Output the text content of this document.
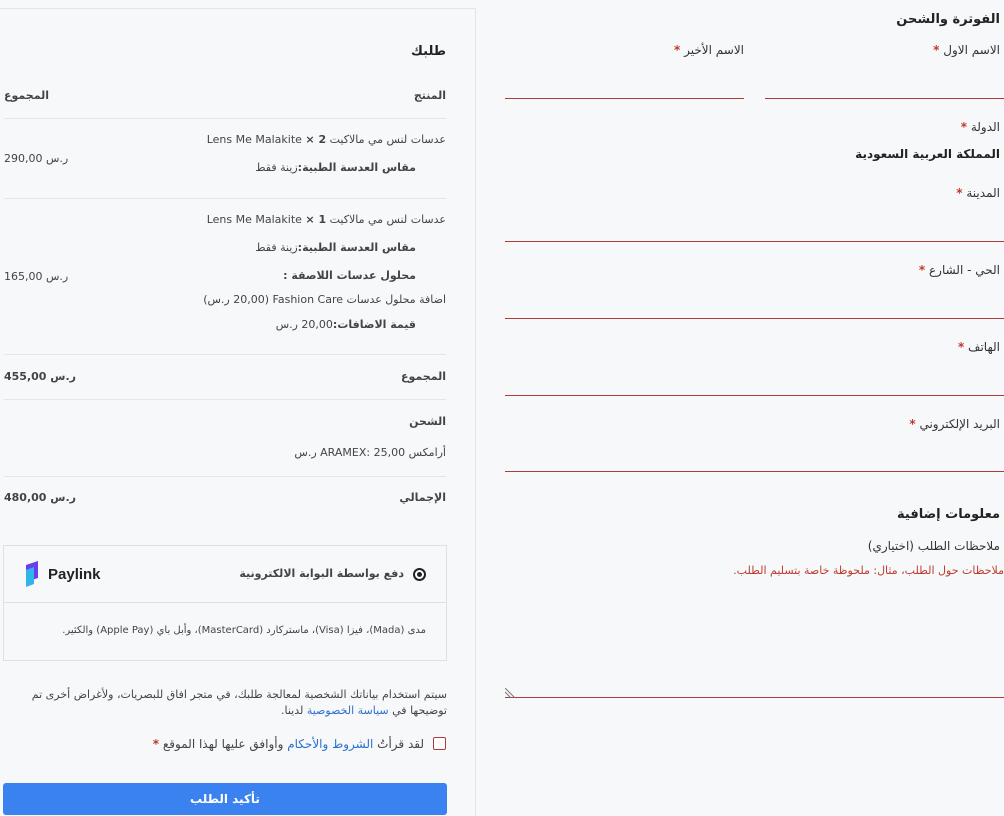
الفوترة والشحن
الاسم الاول *
الاسم الأخير *
الدولة *
المملكة العربية السعودية
المدينة *
الحي - الشارع *
الهاتف *
البريد الإلكتروني *
معلومات إضافية
ملاحظات الطلب (اختياري)
ملاحظات حول الطلب، مثال: ملحوظة خاصة بتسليم الطلب.
طلبك
المنتج
المجموع
عدسات لنس مي مالاكيت 2 × Lens Me Malakite
مقاس العدسة الطبية:زينة فقط
290,00 ر.س
عدسات لنس مي مالاكيت 1 × Lens Me Malakite
مقاس العدسة الطبية:زينة فقط
محلول عدسات اللاصقة :
اضافة محلول عدسات Fashion Care (20,00 ر.س)
قيمة الاضافات:20,00 ر.س
165,00 ر.س
المجموع
455,00 ر.س
الشحن
أرامكس ARAMEX: 25,00 ر.س
الإجمالي
480,00 ر.س
دفع بواسطة البوابة الالكترونية
Paylink
مدى (Mada)، فيزا (Visa)، ماستركارد (MasterCard)، وأبل باي (Apple Pay) والكثير.
سيتم استخدام بياناتك الشخصية لمعالجة طلبك، في متجر افاق للبصريات، ولأغراض أخرى تم توضيحها في سياسة الخصوصية لدينا.
لقد قرأتُ الشروط والأحكام وأوافق عليها لهذا الموقع *
تأكيد الطلب
